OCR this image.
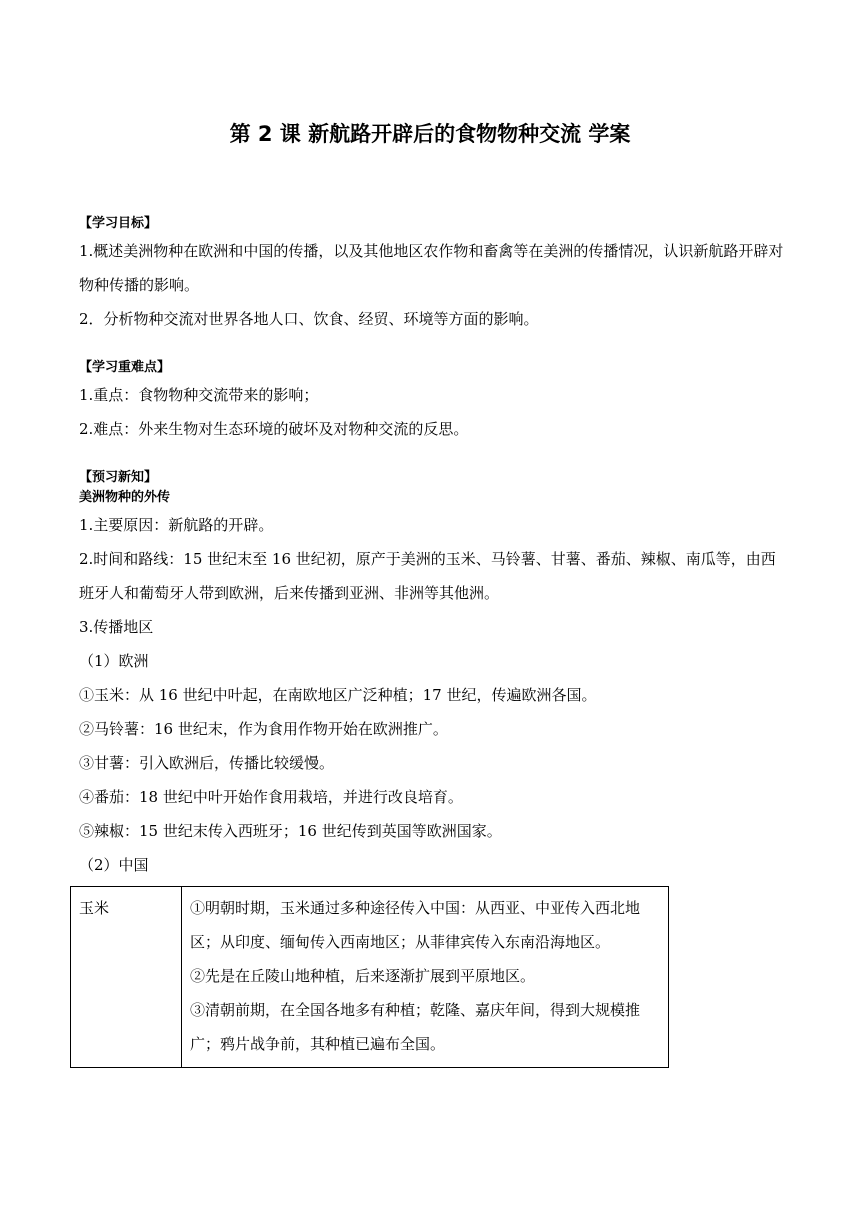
第 2 课 新航路开辟后的食物物种交流 学案
【学习目标】

1.概述美洲物种在欧洲和中国的传播，以及其他地区农作物和畜禽等在美洲的传播情况，认识新航路开辟对物种传播的影响。

2．分析物种交流对世界各地人口、饮食、经贸、环境等方面的影响。

【学习重难点】

1.重点：食物物种交流带来的影响；

2.难点：外来生物对生态环境的破坏及对物种交流的反思。

【预习新知】
美洲物种的外传

1.主要原因：新航路的开辟。

2.时间和路线：15 世纪末至 16 世纪初，原产于美洲的玉米、马铃薯、甘薯、番茄、辣椒、南瓜等，由西班牙人和葡萄牙人带到欧洲，后来传播到亚洲、非洲等其他洲。

3.传播地区

（1）欧洲

①玉米：从 16 世纪中叶起，在南欧地区广泛种植；17 世纪，传遍欧洲各国。

②马铃薯：16 世纪末，作为食用作物开始在欧洲推广。

③甘薯：引入欧洲后，传播比较缓慢。

④番茄：18 世纪中叶开始作食用栽培，并进行改良培育。

⑤辣椒：15 世纪末传入西班牙；16 世纪传到英国等欧洲国家。

（2）中国

玉米	①明朝时期，玉米通过多种途径传入中国：从西亚、中亚传入西北地区；从印度、缅甸传入西南地区；从菲律宾传入东南沿海地区。
②先是在丘陵山地种植，后来逐渐扩展到平原地区。
③清朝前期，在全国各地多有种植；乾隆、嘉庆年间，得到大规模推广；鸦片战争前，其种植已遍布全国。
